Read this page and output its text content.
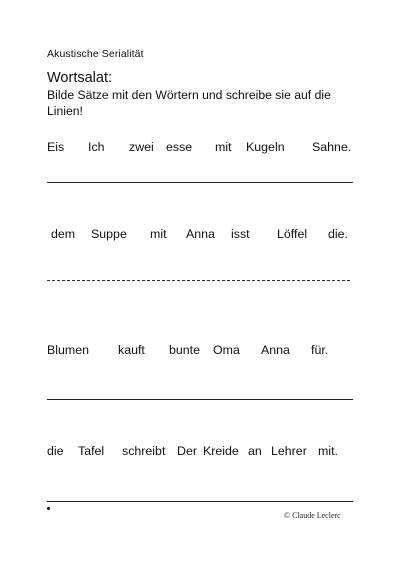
Akustische Serialität
Wortsalat:
Bilde Sätze mit den Wörtern und schreibe sie auf die
Linien!
Eis Ich zwei esse mit Kugeln Sahne.
dem Suppe mit Anna isst Löffel die.
Blumen kauft bunte Oma Anna für.
die Tafel schreibt Der Kreide an Lehrer mit.
© Claude Leclerc
